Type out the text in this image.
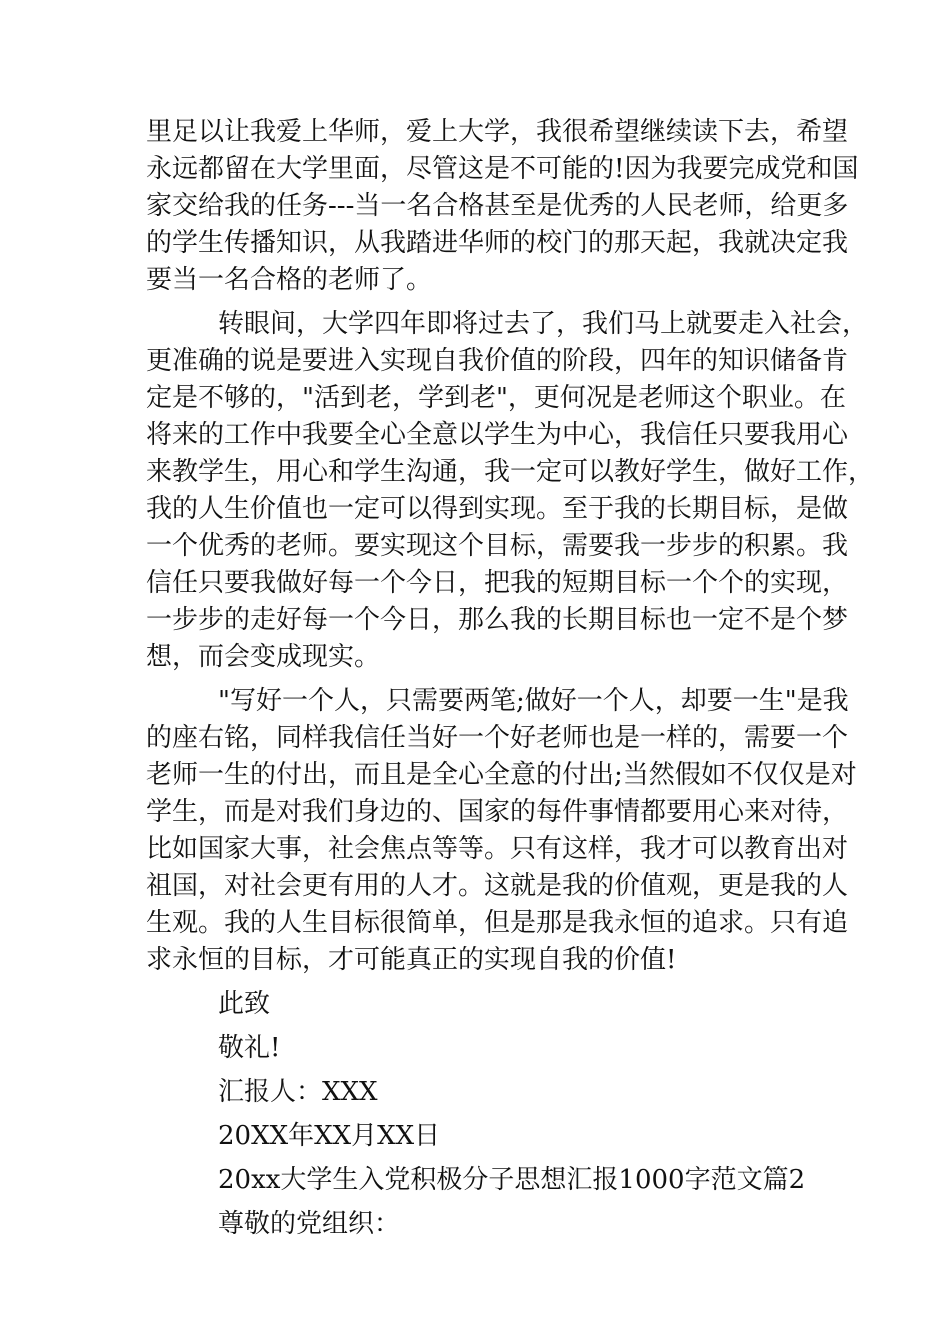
里足以让我爱上华师，爱上大学，我很希望继续读下去，希望
永远都留在大学里面，尽管这是不可能的!因为我要完成党和国
家交给我的任务---当一名合格甚至是优秀的人民老师，给更多
的学生传播知识，从我踏进华师的校门的那天起，我就决定我
要当一名合格的老师了。
转眼间，大学四年即将过去了，我们马上就要走入社会，
更准确的说是要进入实现自我价值的阶段，四年的知识储备肯
定是不够的，"活到老，学到老"，更何况是老师这个职业。在
将来的工作中我要全心全意以学生为中心，我信任只要我用心
来教学生，用心和学生沟通，我一定可以教好学生，做好工作，
我的人生价值也一定可以得到实现。至于我的长期目标，是做
一个优秀的老师。要实现这个目标，需要我一步步的积累。我
信任只要我做好每一个今日，把我的短期目标一个个的实现，
一步步的走好每一个今日，那么我的长期目标也一定不是个梦
想，而会变成现实。
"写好一个人，只需要两笔;做好一个人，却要一生"是我
的座右铭，同样我信任当好一个好老师也是一样的，需要一个
老师一生的付出，而且是全心全意的付出;当然假如不仅仅是对
学生，而是对我们身边的、国家的每件事情都要用心来对待，
比如国家大事，社会焦点等等。只有这样，我才可以教育出对
祖国，对社会更有用的人才。这就是我的价值观，更是我的人
生观。我的人生目标很简单，但是那是我永恒的追求。只有追
求永恒的目标，才可能真正的实现自我的价值!
此致
敬礼!
汇报人：XXX
20XX年XX月XX日
20xx大学生入党积极分子思想汇报1000字范文篇2
尊敬的党组织：
